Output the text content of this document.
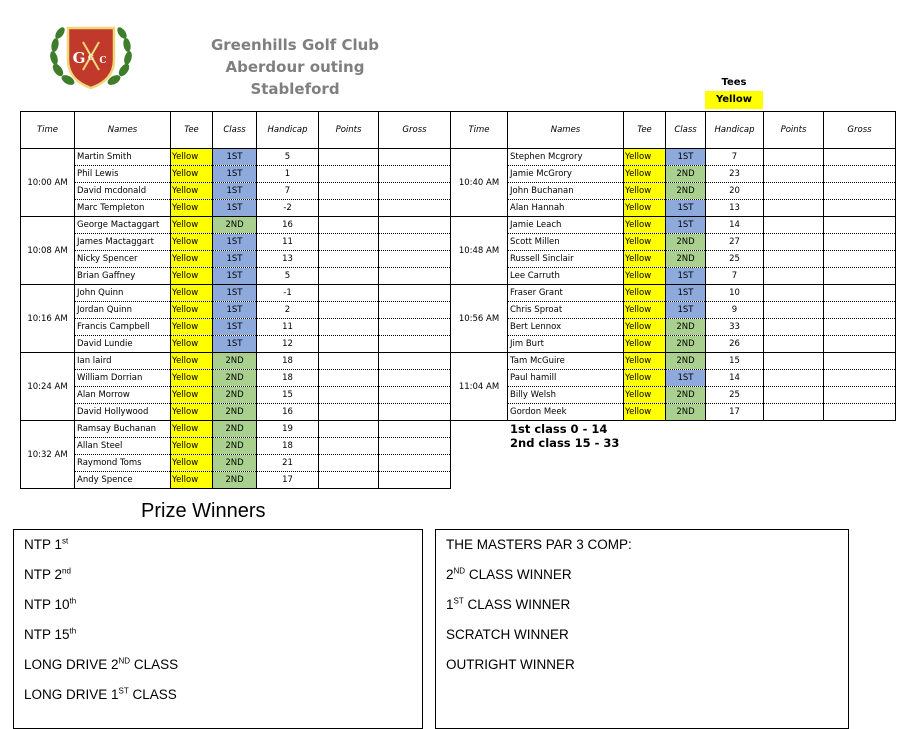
G G C
Greenhills Golf Club
Aberdour outing
Stableford	Tees
Yellow
Time	Names	Tee	Class	Handicap	Points	Gross	Time	Names	Tee	Class	Handicap	Points	Gross
10:00 AM	Martin Smith	Yellow	1ST	5			10:40 AM	Stephen Mcgrory	Yellow	1ST	7		
	Phil Lewis	Yellow	1ST	1				Jamie McGrory	Yellow	2ND	23		
	David mcdonald	Yellow	1ST	7				John Buchanan	Yellow	2ND	20		
	Marc Templeton	Yellow	1ST	-2				Alan Hannah	Yellow	1ST	13		
10:08 AM	George Mactaggart	Yellow	2ND	16			10:48 AM	Jamie Leach	Yellow	1ST	14		
	James Mactaggart	Yellow	1ST	11				Scott Millen	Yellow	2ND	27		
	Nicky Spencer	Yellow	1ST	13				Russell Sinclair	Yellow	2ND	25		
	Brian Gaffney	Yellow	1ST	5				Lee Carruth	Yellow	1ST	7		
10:16 AM	John Quinn	Yellow	1ST	-1			10:56 AM	Fraser Grant	Yellow	1ST	10		
	Jordan Quinn	Yellow	1ST	2				Chris Sproat	Yellow	1ST	9		
	Francis Campbell	Yellow	1ST	11				Bert Lennox	Yellow	2ND	33		
	David Lundie	Yellow	1ST	12				Jim Burt	Yellow	2ND	26		
10:24 AM	Ian laird	Yellow	2ND	18			11:04 AM	Tam McGuire	Yellow	2ND	15		
	William Dorrian	Yellow	2ND	18				Paul hamill	Yellow	1ST	14		
	Alan Morrow	Yellow	2ND	15				Billy Welsh	Yellow	2ND	25		
	David Hollywood	Yellow	2ND	16				Gordon Meek	Yellow	2ND	17		
10:32 AM	Ramsay Buchanan	Yellow	2ND	19									
	Allan Steel	Yellow	2ND	18									
	Raymond Toms	Yellow	2ND	21									
	Andy Spence	Yellow	2ND	17									
1st class 0 - 14
2nd class 15 - 33
Prize Winners
NTP 1st
NTP 2nd
NTP 10th
NTP 15th
LONG DRIVE 2ND CLASS
LONG DRIVE 1ST CLASS
THE MASTERS PAR 3 COMP:
2ND CLASS WINNER
1ST CLASS WINNER
SCRATCH WINNER
OUTRIGHT WINNER
